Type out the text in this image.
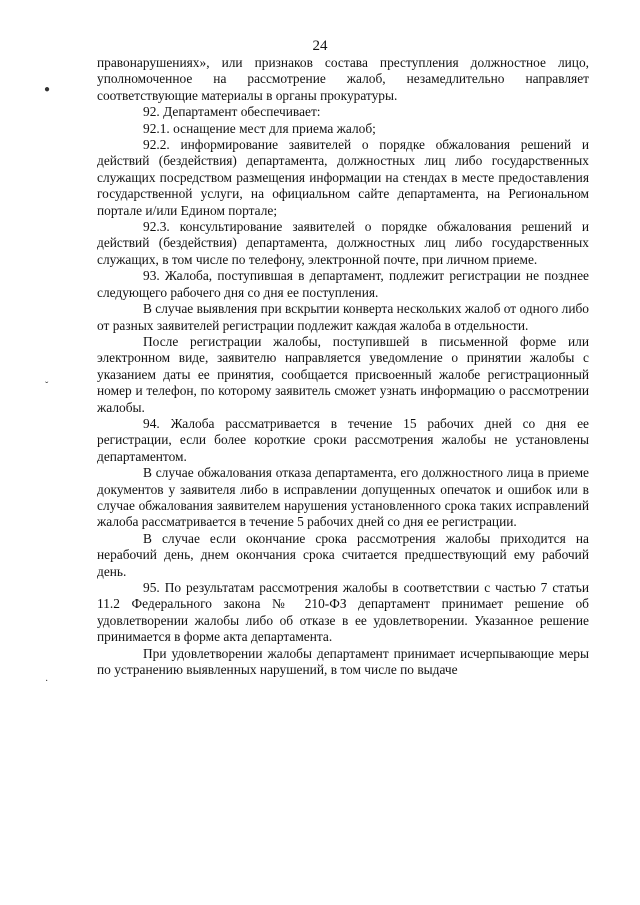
24
●
ˇ
·

правонарушениях», или признаков состава преступления должностное лицо, уполномоченное на рассмотрение жалоб, незамедлительно направляет соответствующие материалы в органы прокуратуры.

92. Департамент обеспечивает:

92.1. оснащение мест для приема жалоб;

92.2. информирование заявителей о порядке обжалования решений и действий (бездействия) департамента, должностных лиц либо государственных служащих посредством размещения информации на стендах в месте предоставления государственной услуги, на официальном сайте департамента, на Региональном портале и/или Едином портале;

92.3. консультирование заявителей о порядке обжалования решений и действий (бездействия) департамента, должностных лиц либо государственных служащих, в том числе по телефону, электронной почте, при личном приеме.

93. Жалоба, поступившая в департамент, подлежит регистрации не позднее следующего рабочего дня со дня ее поступления.

В случае выявления при вскрытии конверта нескольких жалоб от одного либо от разных заявителей регистрации подлежит каждая жалоба в отдельности.

После регистрации жалобы, поступившей в письменной форме или электронном виде, заявителю направляется уведомление о принятии жалобы с указанием даты ее принятия, сообщается присвоенный жалобе регистрационный номер и телефон, по которому заявитель сможет узнать информацию о рассмотрении жалобы.

94. Жалоба рассматривается в течение 15 рабочих дней со дня ее регистрации, если более короткие сроки рассмотрения жалобы не установлены департаментом.

В случае обжалования отказа департамента, его должностного лица в приеме документов у заявителя либо в исправлении допущенных опечаток и ошибок или в случае обжалования заявителем нарушения установленного срока таких исправлений жалоба рассматривается в течение 5 рабочих дней со дня ее регистрации.

В случае если окончание срока рассмотрения жалобы приходится на нерабочий день, днем окончания срока считается предшествующий ему рабочий день.

95. По результатам рассмотрения жалобы в соответствии с частью 7 статьи 11.2 Федерального закона № 210-ФЗ департамент принимает решение об удовлетворении жалобы либо об отказе в ее удовлетворении. Указанное решение принимается в форме акта департамента.

При удовлетворении жалобы департамент принимает исчерпывающие меры по устранению выявленных нарушений, в том числе по выдаче
